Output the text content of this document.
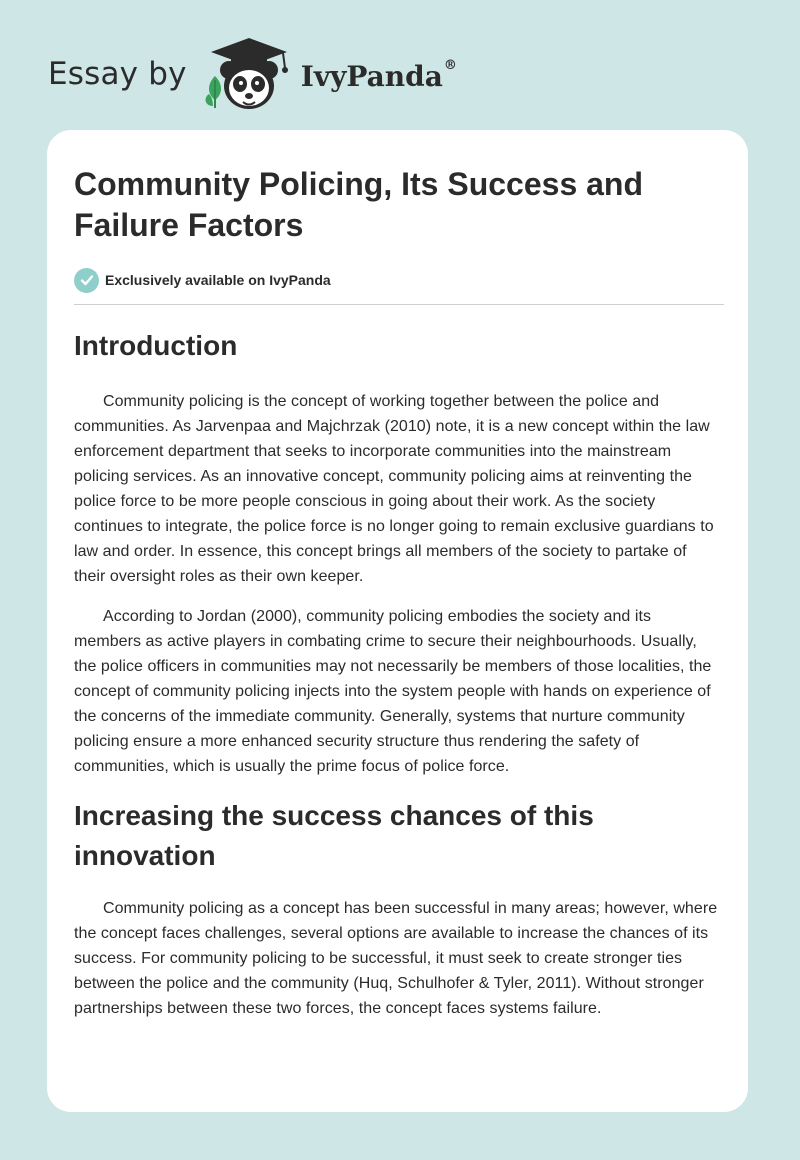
Essay by	IvyPanda®
Community Policing, Its Success and Failure Factors
Exclusively available on IvyPanda
Introduction

Community policing is the concept of working together between the police and communities. As Jarvenpaa and Majchrzak (2010) note, it is a new concept within the law enforcement department that seeks to incorporate communities into the mainstream policing services. As an innovative concept, community policing aims at reinventing the police force to be more people conscious in going about their work. As the society continues to integrate, the police force is no longer going to remain exclusive guardians to law and order. In essence, this concept brings all members of the society to partake of their oversight roles as their own keeper.

According to Jordan (2000), community policing embodies the society and its members as active players in combating crime to secure their neighbourhoods. Usually, the police officers in communities may not necessarily be members of those localities, the concept of community policing injects into the system people with hands on experience of the concerns of the immediate community. Generally, systems that nurture community policing ensure a more enhanced security structure thus rendering the safety of communities, which is usually the prime focus of police force.

Increasing the success chances of this innovation

Community policing as a concept has been successful in many areas; however, where the concept faces challenges, several options are available to increase the chances of its success. For community policing to be successful, it must seek to create stronger ties between the police and the community (Huq, Schulhofer & Tyler, 2011). Without stronger partnerships between these two forces, the concept faces systems failure.
